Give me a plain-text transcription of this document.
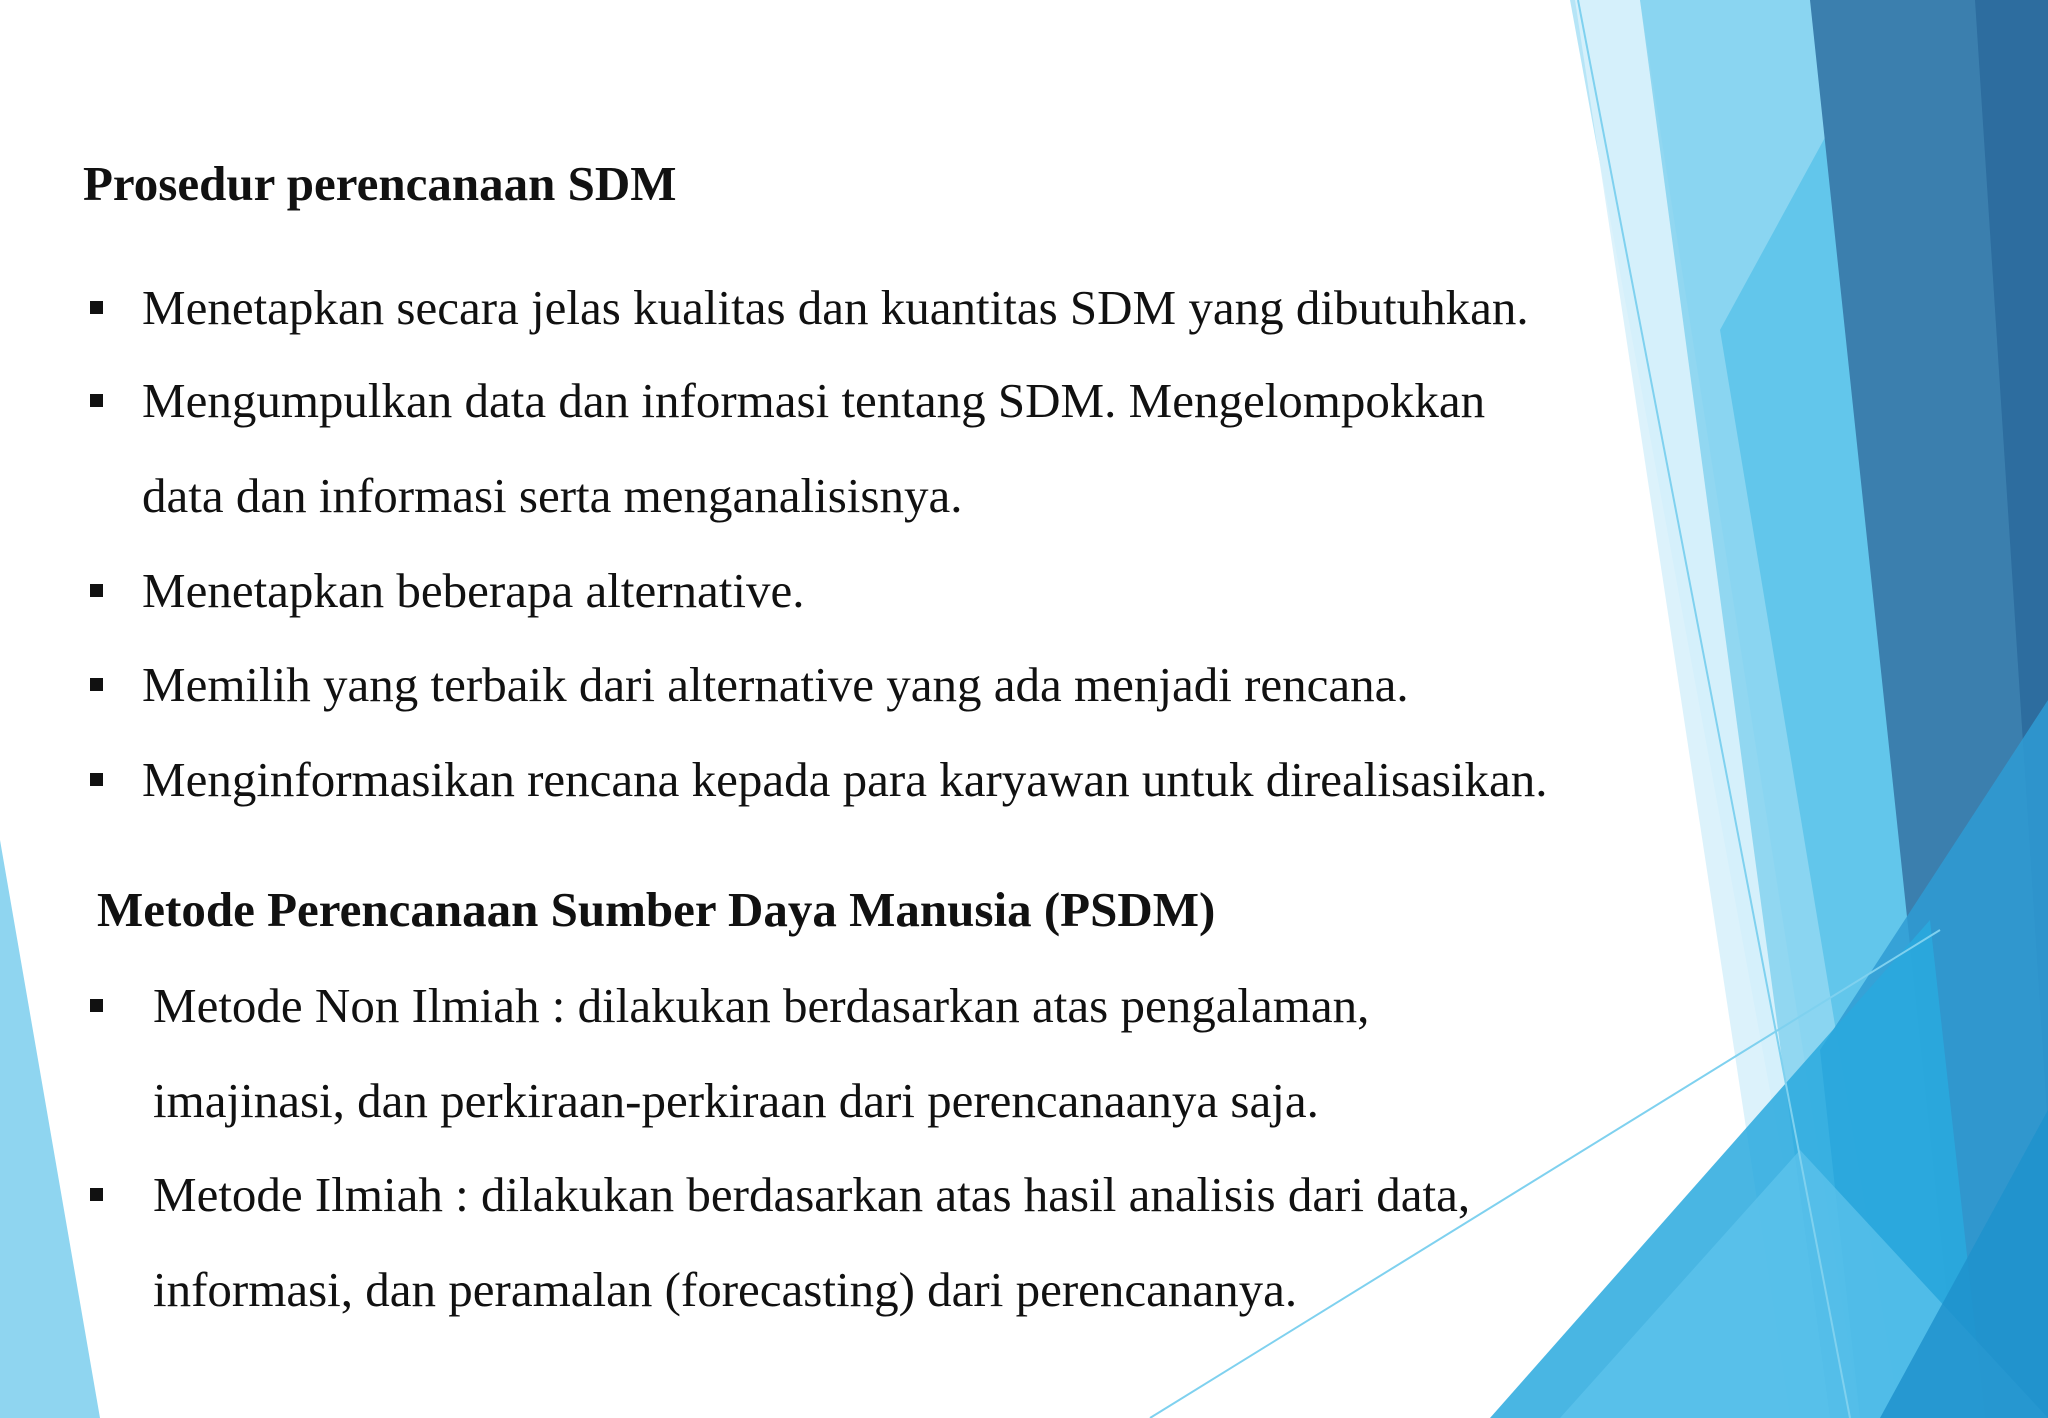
Prosedur perencanaan SDM
Menetapkan secara jelas kualitas dan kuantitas SDM yang dibutuhkan.
Mengumpulkan data dan informasi tentang SDM. Mengelompokkan
data dan informasi serta menganalisisnya.
Menetapkan beberapa alternative.
Memilih yang terbaik dari alternative yang ada menjadi rencana.
Menginformasikan rencana kepada para karyawan untuk direalisasikan.
Metode Perencanaan Sumber Daya Manusia (PSDM)
Metode Non Ilmiah : dilakukan berdasarkan atas pengalaman,
imajinasi, dan perkiraan-perkiraan dari perencanaanya saja.
Metode Ilmiah : dilakukan berdasarkan atas hasil analisis dari data,
informasi, dan peramalan (forecasting) dari perencananya.
